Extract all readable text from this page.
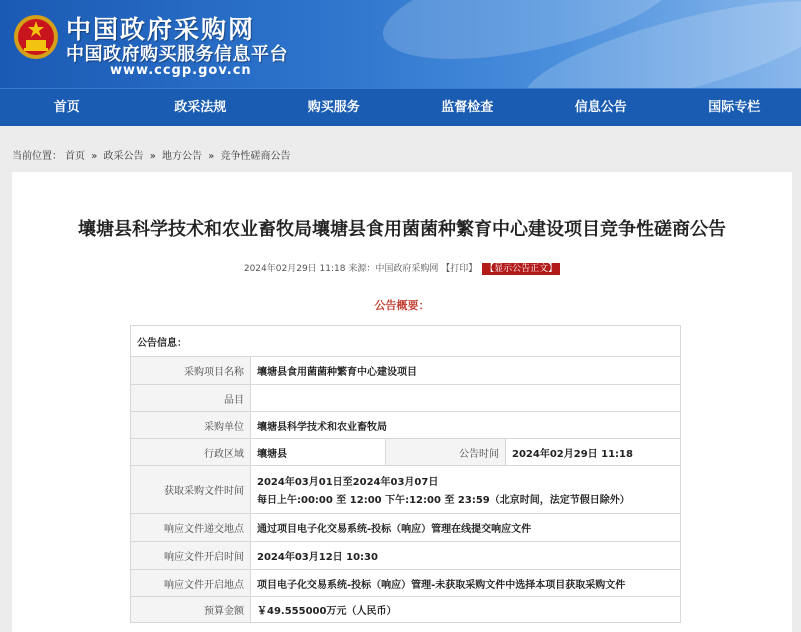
中国政府采购网
中国政府购买服务信息平台
www.ccgp.gov.cn
首页	政采法规	购买服务	监督检查	信息公告	国际专栏
当前位置： 首页 » 政采公告 » 地方公告 » 竞争性磋商公告
壤塘县科学技术和农业畜牧局壤塘县食用菌菌种繁育中心建设项目竞争性磋商公告
2024年02月29日 11:18 来源：中国政府采购网 【打印】 【显示公告正文】
公告概要：
公告信息：			
采购项目名称	壤塘县食用菌菌种繁育中心建设项目		
品目			
采购单位	壤塘县科学技术和农业畜牧局		
行政区域	壤塘县	公告时间	2024年02月29日 11:18
获取采购文件时间	2024年03月01日至2024年03月07日
每日上午:00:00 至 12:00 下午:12:00 至 23:59（北京时间，法定节假日除外）		

响应文件递交地点	通过项目电子化交易系统-投标（响应）管理在线提交响应文件		
响应文件开启时间	2024年03月12日 10:30		
响应文件开启地点	项目电子化交易系统-投标（响应）管理-未获取采购文件中选择本项目获取采购文件		
预算金额	￥49.555000万元（人民币）		
